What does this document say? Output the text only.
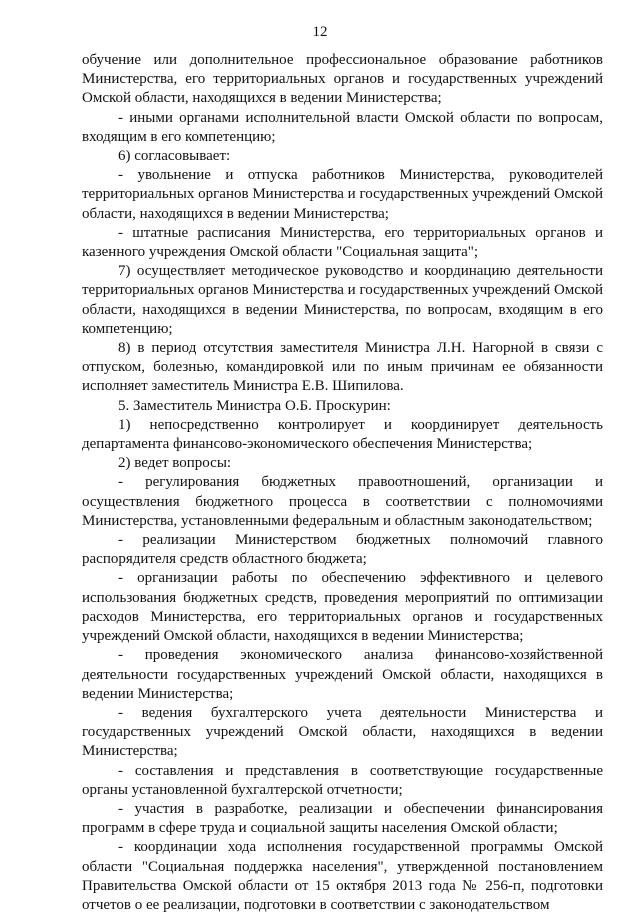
12

обучение или дополнительное профессиональное образование работников Министерства, его территориальных органов и государственных учреждений Омской области, находящихся в ведении Министерства;

- иными органами исполнительной власти Омской области по вопросам, входящим в его компетенцию;

6) согласовывает:

- увольнение и отпуска работников Министерства, руководителей территориальных органов Министерства и государственных учреждений Омской области, находящихся в ведении Министерства;

- штатные расписания Министерства, его территориальных органов и казенного учреждения Омской области "Социальная защита";

7) осуществляет методическое руководство и координацию деятельности территориальных органов Министерства и государственных учреждений Омской области, находящихся в ведении Министерства, по вопросам, входящим в его компетенцию;

8) в период отсутствия заместителя Министра Л.Н. Нагорной в связи с отпуском, болезнью, командировкой или по иным причинам ее обязанности исполняет заместитель Министра Е.В. Шипилова.

5. Заместитель Министра О.Б. Проскурин:

1) непосредственно контролирует и координирует деятельность департамента финансово-экономического обеспечения Министерства;

2) ведет вопросы:

- регулирования бюджетных правоотношений, организации и осуществления бюджетного процесса в соответствии с полномочиями Министерства, установленными федеральным и областным законодательством;

- реализации Министерством бюджетных полномочий главного распорядителя средств областного бюджета;

- организации работы по обеспечению эффективного и целевого использования бюджетных средств, проведения мероприятий по оптимизации расходов Министерства, его территориальных органов и государственных учреждений Омской области, находящихся в ведении Министерства;

- проведения экономического анализа финансово-хозяйственной деятельности государственных учреждений Омской области, находящихся в ведении Министерства;

- ведения бухгалтерского учета деятельности Министерства и государственных учреждений Омской области, находящихся в ведении Министерства;

- составления и представления в соответствующие государственные органы установленной бухгалтерской отчетности;

- участия в разработке, реализации и обеспечении финансирования программ в сфере труда и социальной защиты населения Омской области;

- координации хода исполнения государственной программы Омской области "Социальная поддержка населения", утвержденной постановлением Правительства Омской области от 15 октября 2013 года № 256-п, подготовки отчетов о ее реализации, подготовки в соответствии с законодательством
